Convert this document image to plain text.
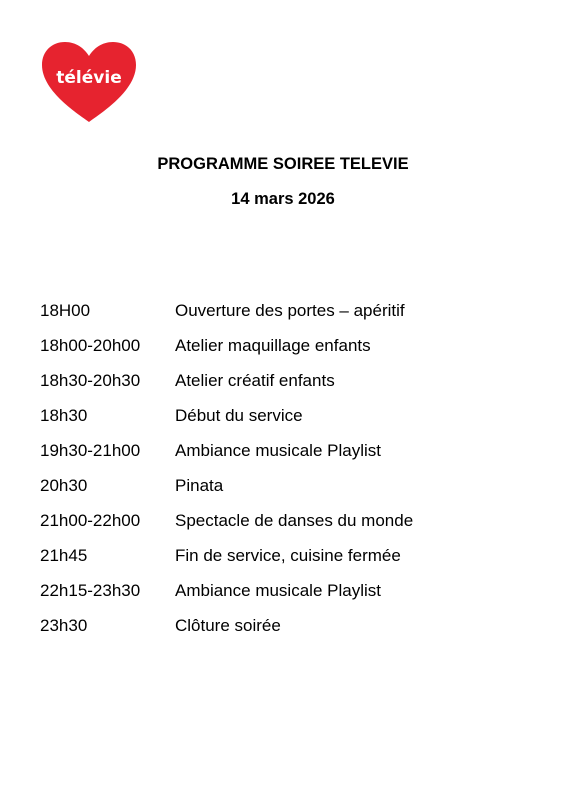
télévie
PROGRAMME SOIREE TELEVIE
14 mars 2026
18H00	Ouverture des portes – apéritif
18h00-20h00	Atelier maquillage enfants
18h30-20h30	Atelier créatif enfants
18h30	Début du service
19h30-21h00	Ambiance musicale Playlist
20h30	Pinata
21h00-22h00	Spectacle de danses du monde
21h45	Fin de service, cuisine fermée
22h15-23h30	Ambiance musicale Playlist
23h30	Clôture soirée
